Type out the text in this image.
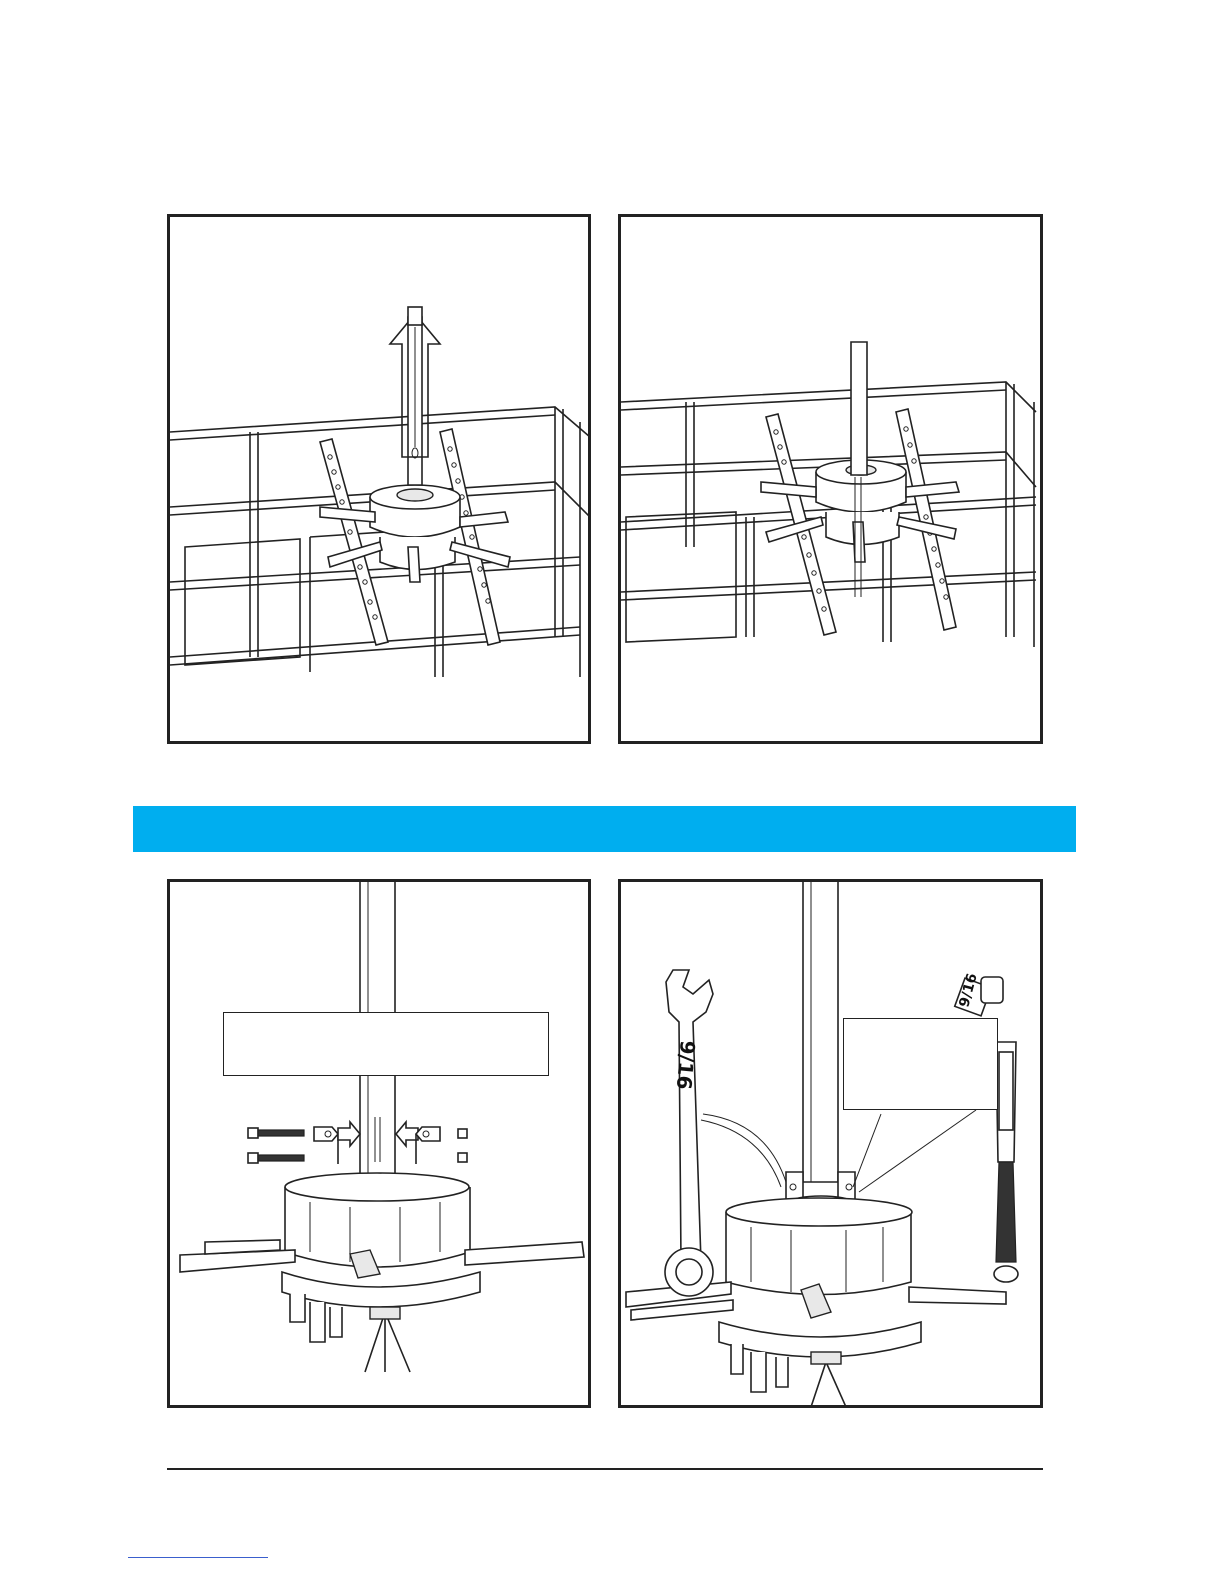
9/16
9/16
